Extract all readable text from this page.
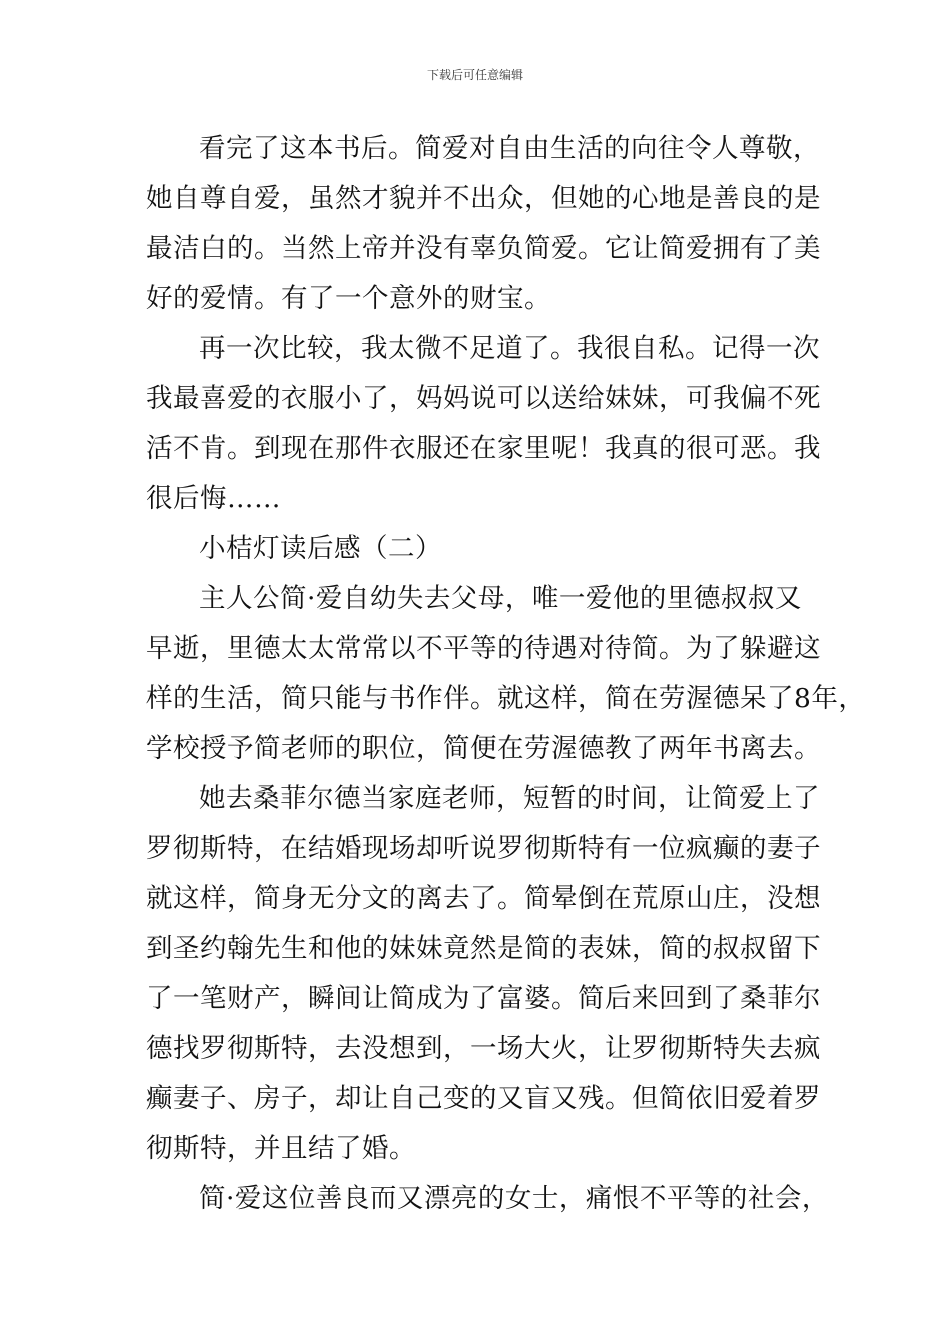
下载后可任意编辑
看完了这本书后。简爱对自由生活的向往令人尊敬，
她自尊自爱，虽然才貌并不出众，但她的心地是善良的是
最洁白的。当然上帝并没有辜负简爱。它让简爱拥有了美
好的爱情。有了一个意外的财宝。
再一次比较，我太微不足道了。我很自私。记得一次
我最喜爱的衣服小了，妈妈说可以送给妹妹，可我偏不死
活不肯。到现在那件衣服还在家里呢！我真的很可恶。我
很后悔……
小桔灯读后感（二）
主人公简·爱自幼失去父母，唯一爱他的里德叔叔又
早逝，里德太太常常以不平等的待遇对待简。为了躲避这
样的生活，简只能与书作伴。就这样，简在劳渥德呆了8年，
学校授予简老师的职位，简便在劳渥德教了两年书离去。
她去桑菲尔德当家庭老师，短暂的时间，让简爱上了
罗彻斯特，在结婚现场却听说罗彻斯特有一位疯癫的妻子
就这样，简身无分文的离去了。简晕倒在荒原山庄，没想
到圣约翰先生和他的妹妹竟然是简的表妹，简的叔叔留下
了一笔财产，瞬间让简成为了富婆。简后来回到了桑菲尔
德找罗彻斯特，去没想到，一场大火，让罗彻斯特失去疯
癫妻子、房子，却让自己变的又盲又残。但简依旧爱着罗
彻斯特，并且结了婚。
简·爱这位善良而又漂亮的女士，痛恨不平等的社会，
